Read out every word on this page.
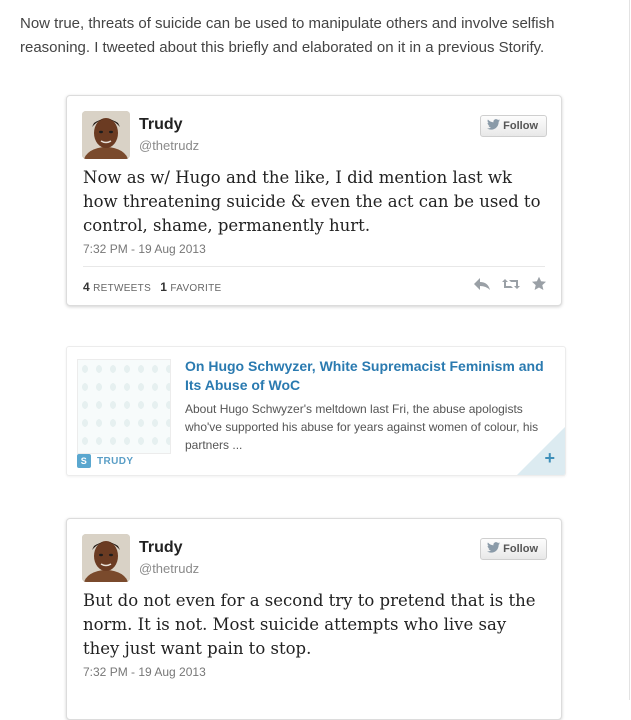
Now true, threats of suicide can be used to manipulate others and involve selfish reasoning. I tweeted about this briefly and elaborated on it in a previous Storify.

Trudy
@thetrudz
Follow
Now as w/ Hugo and the like, I did mention last wk how threatening suicide & even the act can be used to control, shame, permanently hurt.
7:32 PM - 19 Aug 2013
4 RETWEETS 1 FAVORITE
On Hugo Schwyzer, White Supremacist Feminism and Its Abuse of WoC
About Hugo Schwyzer's meltdown last Fri, the abuse apologists who've supported his abuse for years against women of colour, his partners ...
S TRUDY	+
Trudy
@thetrudz
Follow
But do not even for a second try to pretend that is the norm. It is not. Most suicide attempts who live say they just want pain to stop.
7:32 PM - 19 Aug 2013
